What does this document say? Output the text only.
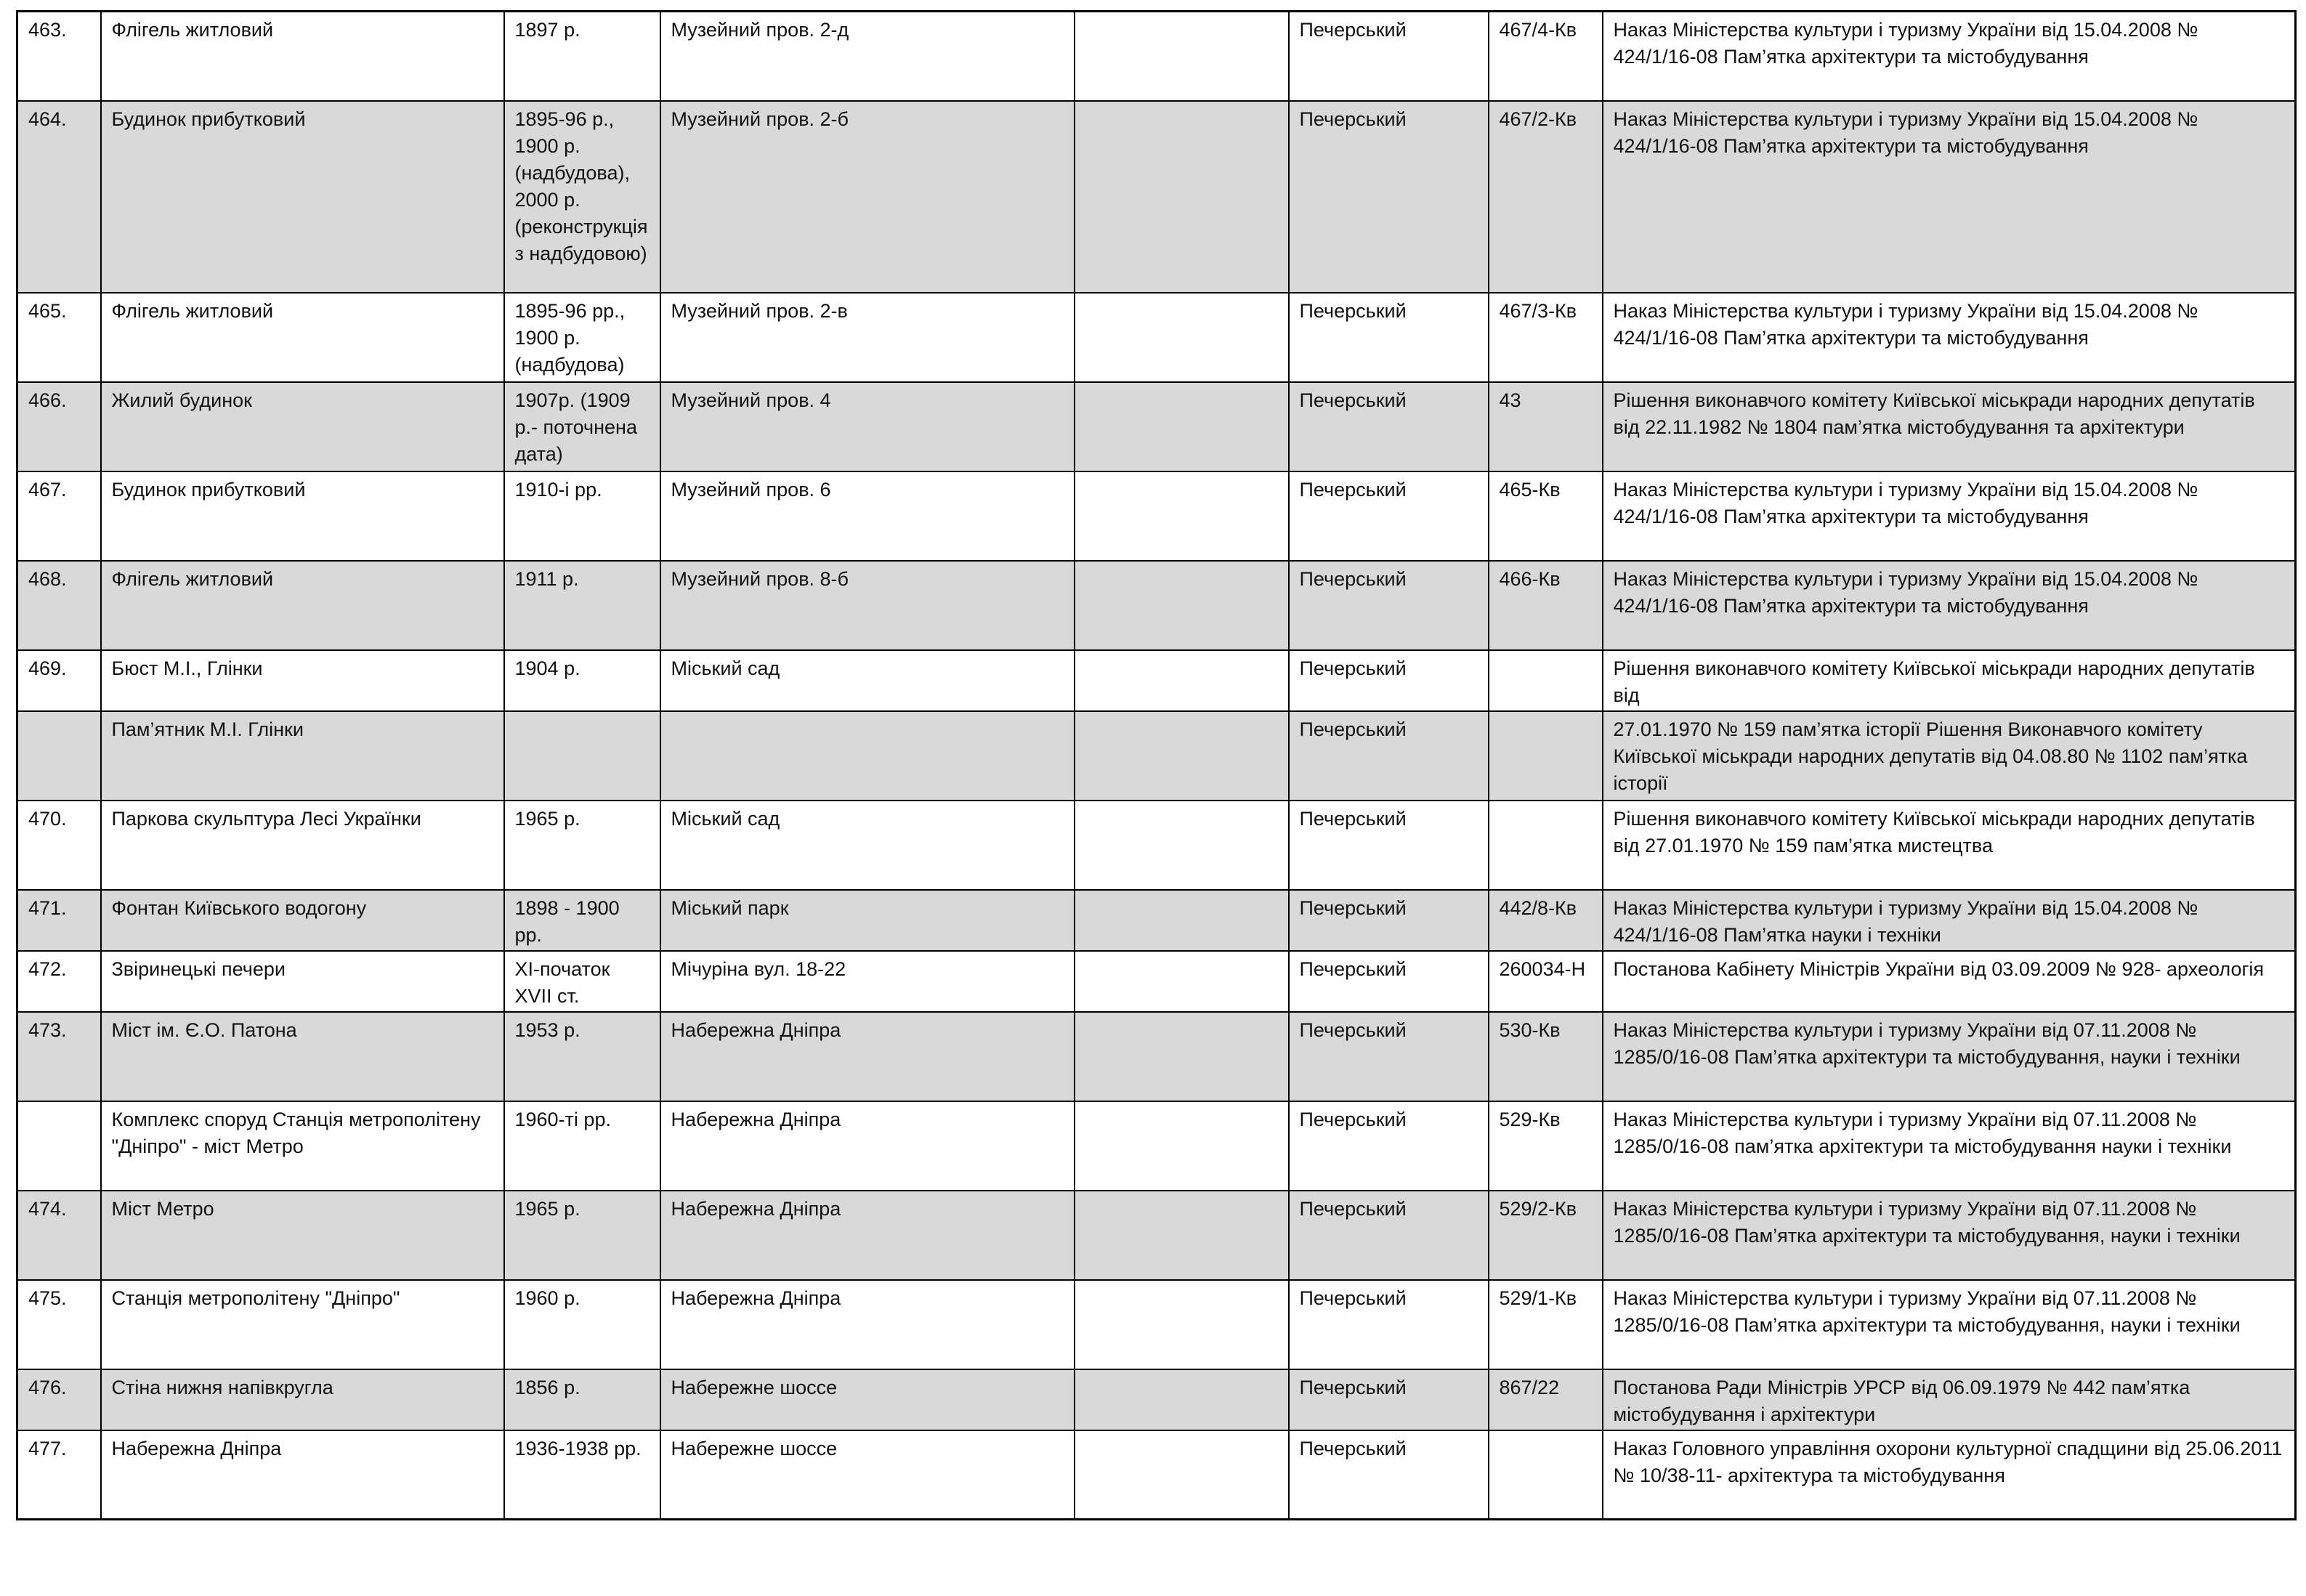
463.	Флігель житловий	1897 р.	Музейний пров. 2-д		Печерський	467/4-Кв	Наказ Міністерства культури і туризму України від 15.04.2008 № 424/1/16-08 Пам’ятка архітектури та містобудування
464.	Будинок прибутковий	1895-96 р., 1900 р. (надбудова), 2000 р. (реконструкція з надбудовою)	Музейний пров. 2-б		Печерський	467/2-Кв	Наказ Міністерства культури і туризму України від 15.04.2008 № 424/1/16-08 Пам’ятка архітектури та містобудування
465.	Флігель житловий	1895-96 рр., 1900 р. (надбудова)	Музейний пров. 2-в		Печерський	467/3-Кв	Наказ Міністерства культури і туризму України від 15.04.2008 № 424/1/16-08 Пам’ятка архітектури та містобудування
466.	Жилий будинок	1907р. (1909 р.- поточнена дата)	Музейний пров. 4		Печерський	43	Рішення виконавчого комітету Київської міськради народних депутатів від 22.11.1982 № 1804 пам’ятка містобудування та архітектури
467.	Будинок прибутковий	1910-і рр.	Музейний пров. 6		Печерський	465-Кв	Наказ Міністерства культури і туризму України від 15.04.2008 № 424/1/16-08 Пам’ятка архітектури та містобудування
468.	Флігель житловий	1911 р.	Музейний пров. 8-б		Печерський	466-Кв	Наказ Міністерства культури і туризму України від 15.04.2008 № 424/1/16-08 Пам’ятка архітектури та містобудування
469.	Бюст М.І., Глінки	1904 р.	Міський сад		Печерський		Рішення виконавчого комітету Київської міськради народних депутатів від
	Пам’ятник М.І. Глінки				Печерський		27.01.1970 № 159 пам’ятка історії Рішення Виконавчого комітету Київської міськради народних депутатів від 04.08.80 № 1102 пам’ятка історії
470.	Паркова скульптура Лесі Українки	1965 р.	Міський сад		Печерський		Рішення виконавчого комітету Київської міськради народних депутатів від 27.01.1970 № 159 пам’ятка мистецтва
471.	Фонтан Київського водогону	1898 - 1900 рр.	Міський парк		Печерський	442/8-Кв	Наказ Міністерства культури і туризму України від 15.04.2008 № 424/1/16-08 Пам’ятка науки і техніки
472.	Звіринецькі печери	XI-початок XVII ст.	Мічуріна вул. 18-22		Печерський	260034-Н	Постанова Кабінету Міністрів України від 03.09.2009 № 928- археологія
473.	Міст ім. Є.О. Патона	1953 р.	Набережна Дніпра		Печерський	530-Кв	Наказ Міністерства культури і туризму України від 07.11.2008 № 1285/0/16-08 Пам’ятка архітектури та містобудування, науки і техніки
	Комплекс споруд Станція метрополітену "Дніпро" - міст Метро	1960-ті рр.	Набережна Дніпра		Печерський	529-Кв	Наказ Міністерства культури і туризму України від 07.11.2008 № 1285/0/16-08 пам’ятка архітектури та містобудування науки і техніки
474.	Міст Метро	1965 р.	Набережна Дніпра		Печерський	529/2-Кв	Наказ Міністерства культури і туризму України від 07.11.2008 № 1285/0/16-08 Пам’ятка архітектури та містобудування, науки і техніки
475.	Станція метрополітену "Дніпро"	1960 р.	Набережна Дніпра		Печерський	529/1-Кв	Наказ Міністерства культури і туризму України від 07.11.2008 № 1285/0/16-08 Пам’ятка архітектури та містобудування, науки і техніки
476.	Стіна нижня напівкругла	1856 р.	Набережне шоссе		Печерський	867/22	Постанова Ради Міністрів УРСР від 06.09.1979 № 442 пам’ятка містобудування і архітектури
477.	Набережна Дніпра	1936-1938 рр.	Набережне шоссе		Печерський		Наказ Головного управління охорони культурної спадщини від 25.06.2011 № 10/38-11- архітектура та містобудування
